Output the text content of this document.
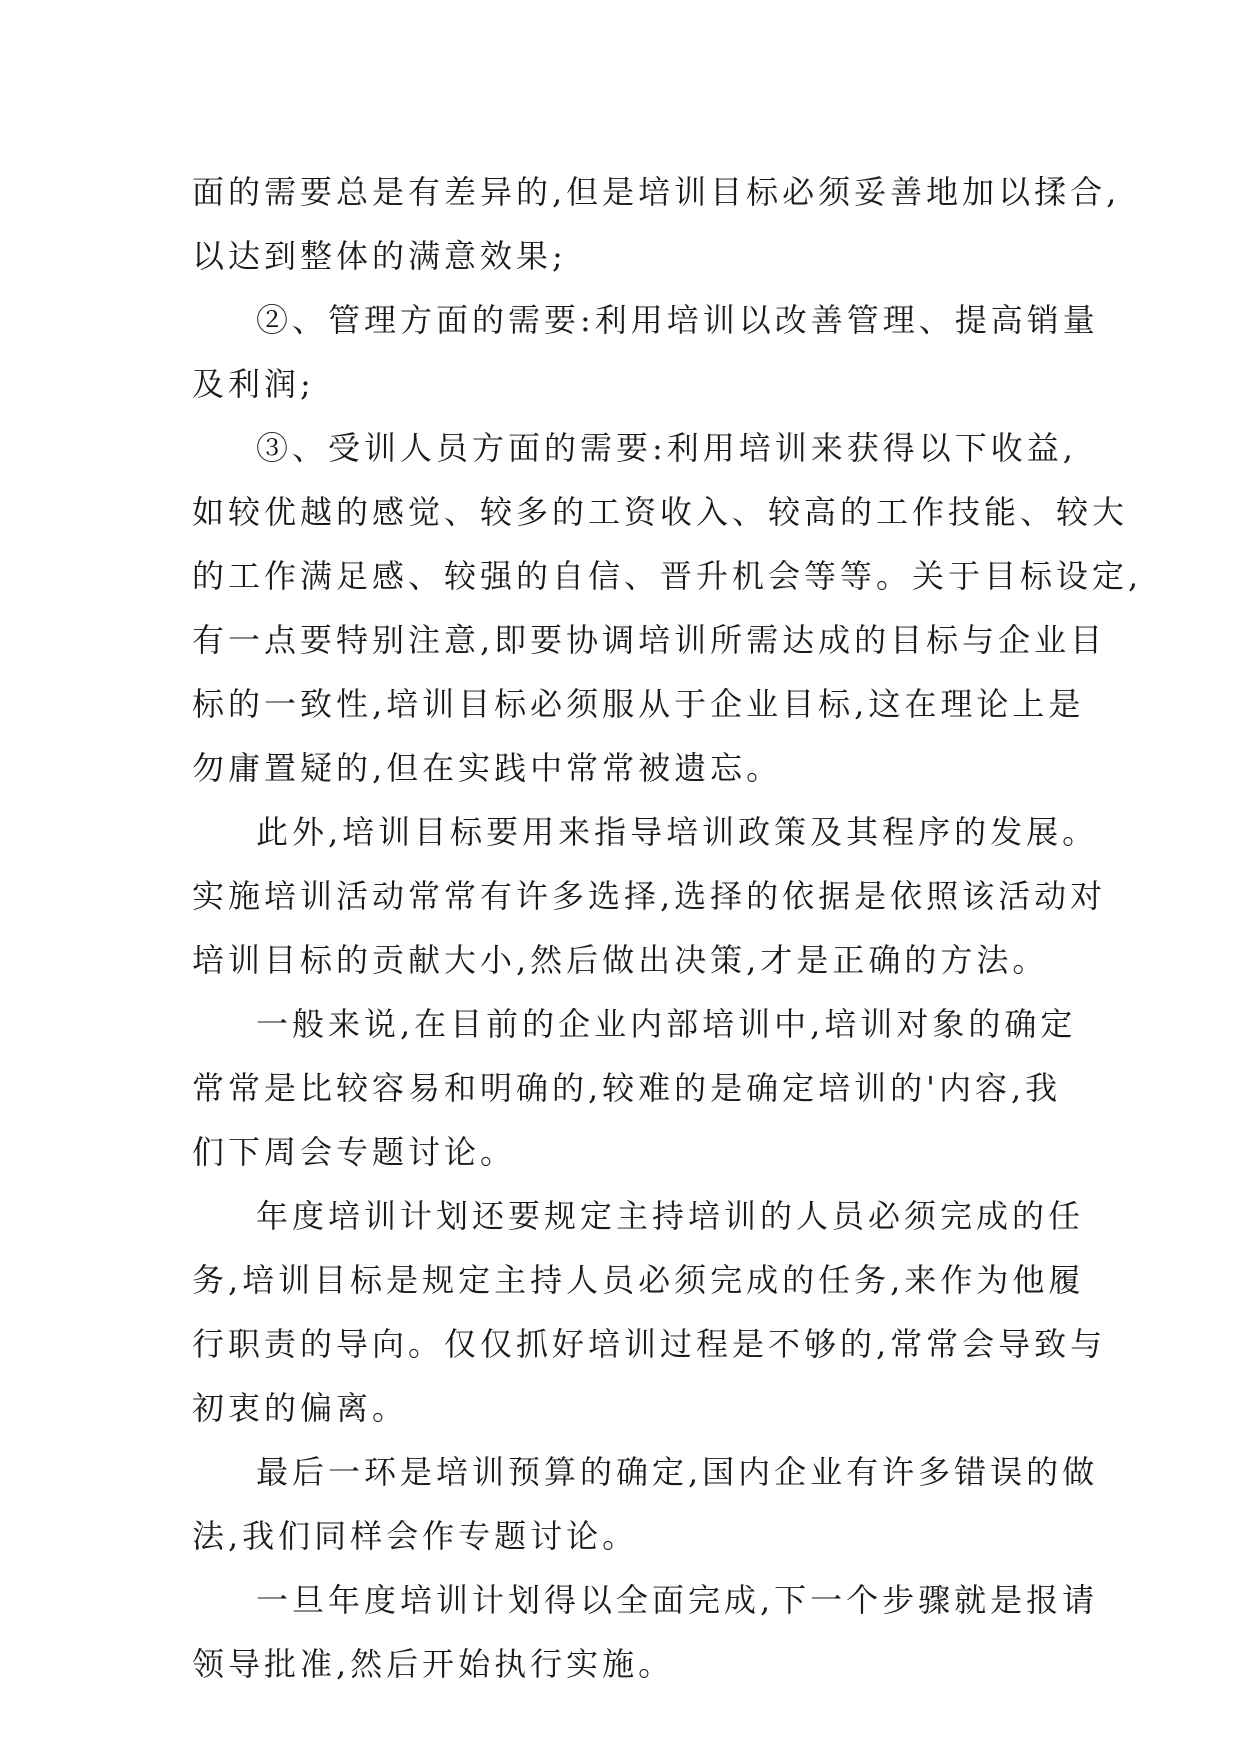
面的需要总是有差异的,但是培训目标必须妥善地加以揉合,
以达到整体的满意效果;
②、管理方面的需要:利用培训以改善管理、提高销量
及利润;
③、受训人员方面的需要:利用培训来获得以下收益,
如较优越的感觉、较多的工资收入、较高的工作技能、较大
的工作满足感、较强的自信、晋升机会等等。关于目标设定,
有一点要特别注意,即要协调培训所需达成的目标与企业目
标的一致性,培训目标必须服从于企业目标,这在理论上是
勿庸置疑的,但在实践中常常被遗忘。
此外,培训目标要用来指导培训政策及其程序的发展。
实施培训活动常常有许多选择,选择的依据是依照该活动对
培训目标的贡献大小,然后做出决策,才是正确的方法。
一般来说,在目前的企业内部培训中,培训对象的确定
常常是比较容易和明确的,较难的是确定培训的'内容,我
们下周会专题讨论。
年度培训计划还要规定主持培训的人员必须完成的任
务,培训目标是规定主持人员必须完成的任务,来作为他履
行职责的导向。仅仅抓好培训过程是不够的,常常会导致与
初衷的偏离。
最后一环是培训预算的确定,国内企业有许多错误的做
法,我们同样会作专题讨论。
一旦年度培训计划得以全面完成,下一个步骤就是报请
领导批准,然后开始执行实施。
